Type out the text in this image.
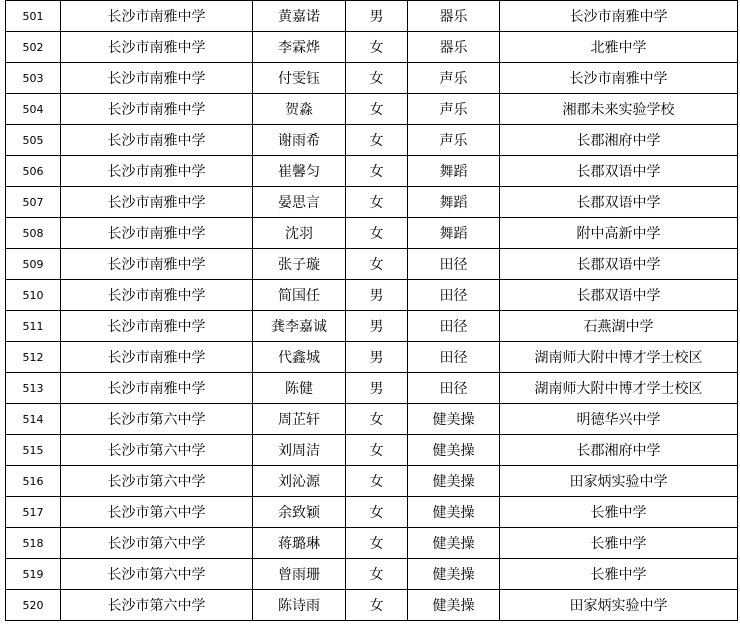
501	长沙市南雅中学	黄嘉诺	男	器乐	长沙市南雅中学
502	长沙市南雅中学	李霖烨	女	器乐	北雅中学
503	长沙市南雅中学	付雯钰	女	声乐	长沙市南雅中学
504	长沙市南雅中学	贺淼	女	声乐	湘郡未来实验学校
505	长沙市南雅中学	谢雨希	女	声乐	长郡湘府中学
506	长沙市南雅中学	崔馨匀	女	舞蹈	长郡双语中学
507	长沙市南雅中学	晏思言	女	舞蹈	长郡双语中学
508	长沙市南雅中学	沈羽	女	舞蹈	附中高新中学
509	长沙市南雅中学	张子璇	女	田径	长郡双语中学
510	长沙市南雅中学	简国任	男	田径	长郡双语中学
511	长沙市南雅中学	龚李嘉诚	男	田径	石燕湖中学
512	长沙市南雅中学	代鑫城	男	田径	湖南师大附中博才学士校区
513	长沙市南雅中学	陈健	男	田径	湖南师大附中博才学士校区
514	长沙市第六中学	周芷轩	女	健美操	明德华兴中学
515	长沙市第六中学	刘周洁	女	健美操	长郡湘府中学
516	长沙市第六中学	刘沁源	女	健美操	田家炳实验中学
517	长沙市第六中学	余致颖	女	健美操	长雅中学
518	长沙市第六中学	蒋璐琳	女	健美操	长雅中学
519	长沙市第六中学	曾雨珊	女	健美操	长雅中学
520	长沙市第六中学	陈诗雨	女	健美操	田家炳实验中学
